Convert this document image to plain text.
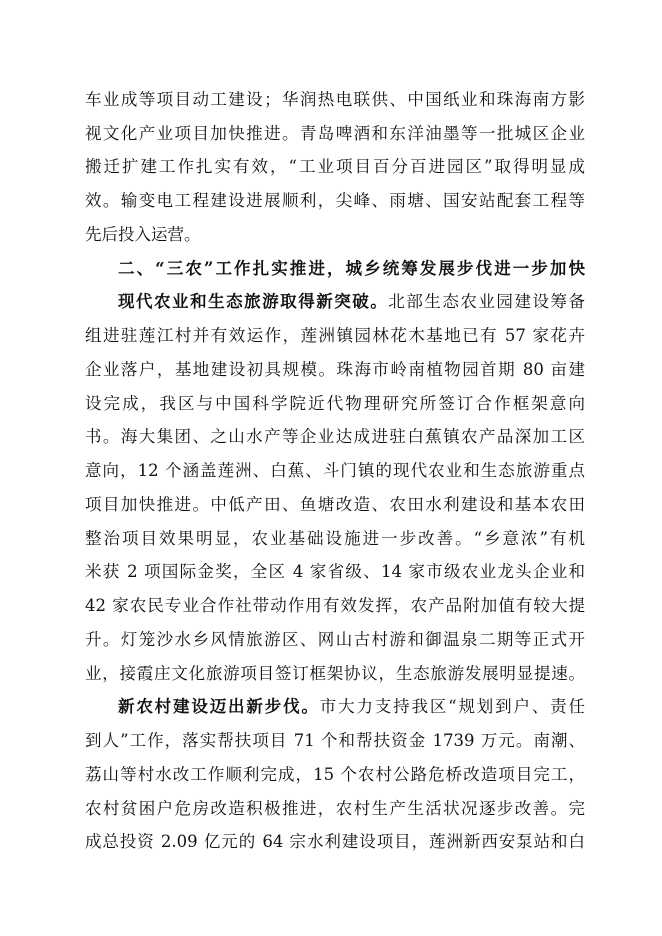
车业成等项目动工建设；华润热电联供、中国纸业和珠海南方影
视文化产业项目加快推进。青岛啤酒和东洋油墨等一批城区企业
搬迁扩建工作扎实有效，“工业项目百分百进园区”取得明显成
效。输变电工程建设进展顺利，尖峰、雨塘、国安站配套工程等
先后投入运营。
二、“三农”工作扎实推进，城乡统筹发展步伐进一步加快
现代农业和生态旅游取得新突破。北部生态农业园建设筹备
组进驻莲江村并有效运作，莲洲镇园林花木基地已有 57 家花卉
企业落户，基地建设初具规模。珠海市岭南植物园首期 80 亩建
设完成，我区与中国科学院近代物理研究所签订合作框架意向
书。海大集团、之山水产等企业达成进驻白蕉镇农产品深加工区
意向，12 个涵盖莲洲、白蕉、斗门镇的现代农业和生态旅游重点
项目加快推进。中低产田、鱼塘改造、农田水利建设和基本农田
整治项目效果明显，农业基础设施进一步改善。“乡意浓”有机
米获 2 项国际金奖，全区 4 家省级、14 家市级农业龙头企业和
42 家农民专业合作社带动作用有效发挥，农产品附加值有较大提
升。灯笼沙水乡风情旅游区、网山古村游和御温泉二期等正式开
业，接霞庄文化旅游项目签订框架协议，生态旅游发展明显提速。
新农村建设迈出新步伐。市大力支持我区“规划到户、责任
到人”工作，落实帮扶项目 71 个和帮扶资金 1739 万元。南潮、
荔山等村水改工作顺利完成，15 个农村公路危桥改造项目完工，
农村贫困户危房改造积极推进，农村生产生活状况逐步改善。完
成总投资 2.09 亿元的 64 宗水利建设项目，莲洲新西安泵站和白
